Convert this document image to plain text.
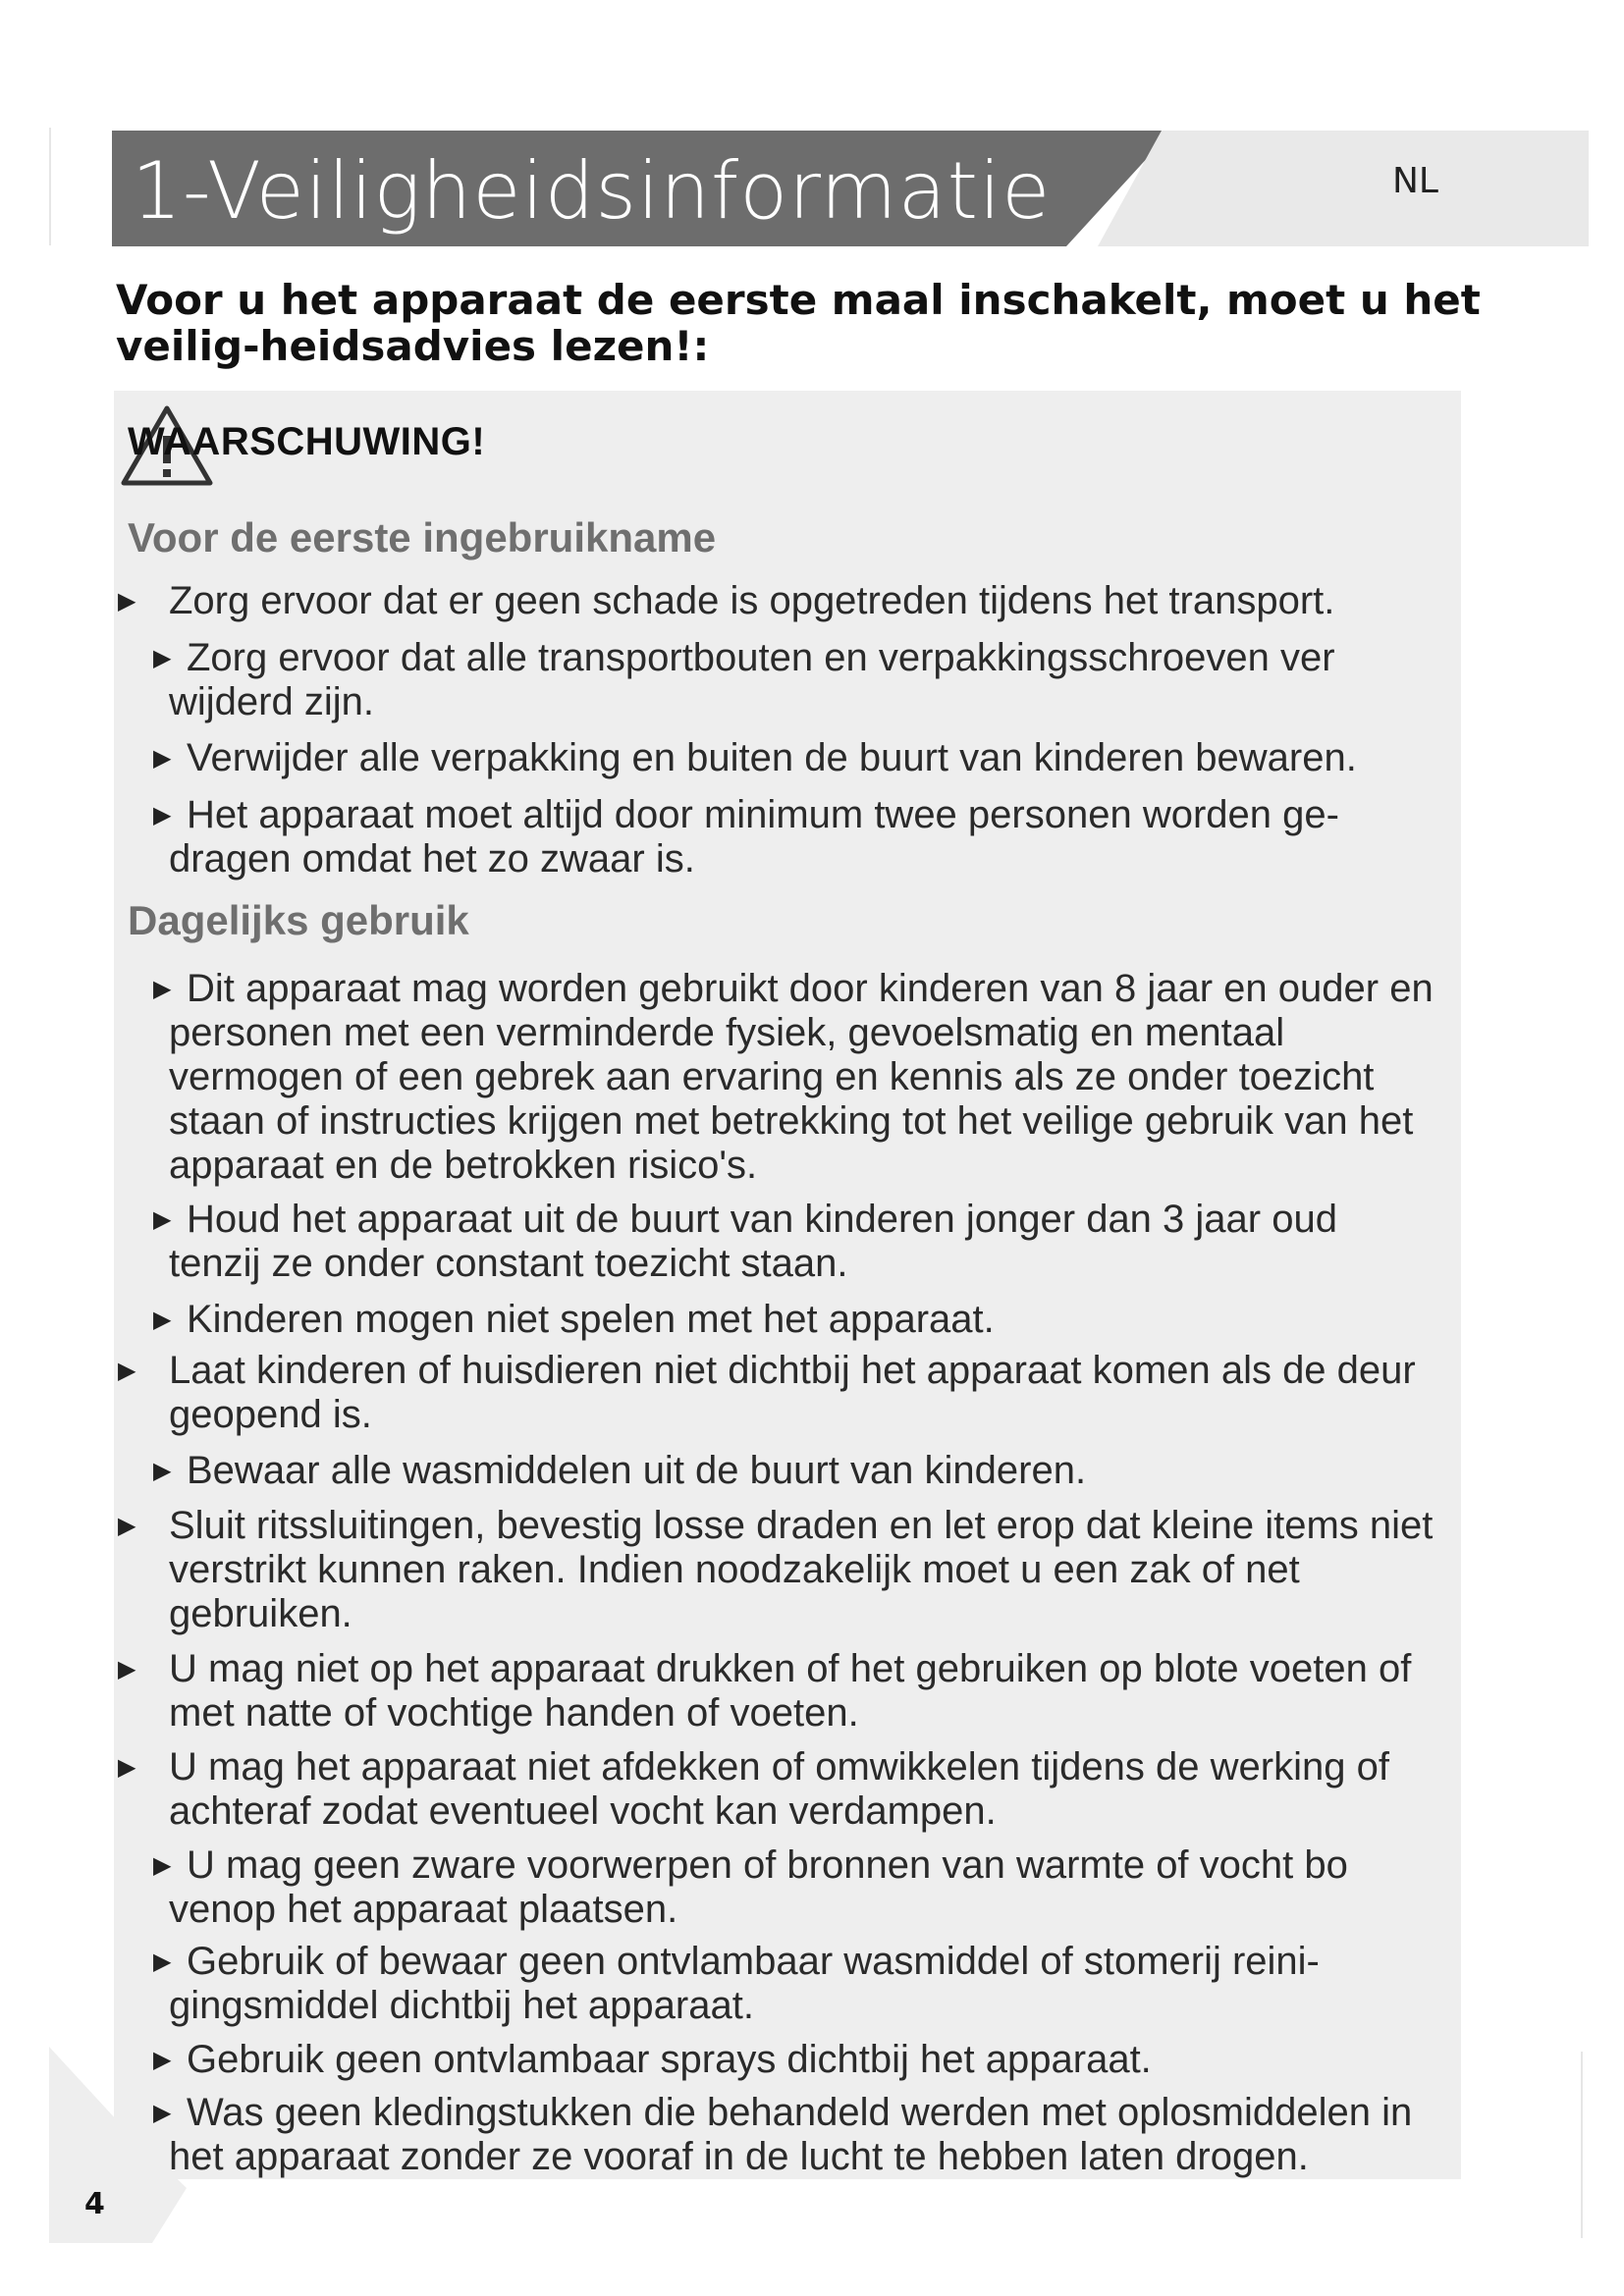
1-Veiligheidsinformatie	NL
Voor u het apparaat de eerste maal inschakelt, moet u het veilig-heidsadvies lezen!:
WAARSCHUWING!
Voor de eerste ingebruikname
▶ Zorg ervoor dat er geen schade is opgetreden tijdens het transport.
▶ Zorg ervoor dat alle transportbouten en verpakkingsschroeven ver wijderd zijn.
▶ Verwijder alle verpakking en buiten de buurt van kinderen bewaren.
▶ Het apparaat moet altijd door minimum twee personen worden ge-dragen omdat het zo zwaar is.
Dagelijks gebruik
▶ Dit apparaat mag worden gebruikt door kinderen van 8 jaar en ouder en personen met een verminderde fysiek, gevoelsmatig en mentaal vermogen of een gebrek aan ervaring en kennis als ze onder toezicht staan of instructies krijgen met betrekking tot het veilige gebruik van het apparaat en de betrokken risico's.
▶ Houd het apparaat uit de buurt van kinderen jonger dan 3 jaar oud tenzij ze onder constant toezicht staan.
▶ Kinderen mogen niet spelen met het apparaat.
▶ Laat kinderen of huisdieren niet dichtbij het apparaat komen als de deur geopend is.
▶ Bewaar alle wasmiddelen uit de buurt van kinderen.
▶ Sluit ritssluitingen, bevestig losse draden en let erop dat kleine items niet verstrikt kunnen raken. Indien noodzakelijk moet u een zak of net gebruiken.
▶ U mag niet op het apparaat drukken of het gebruiken op blote voeten of met natte of vochtige handen of voeten.
▶ U mag het apparaat niet afdekken of omwikkelen tijdens de werking of achteraf zodat eventueel vocht kan verdampen.
▶ U mag geen zware voorwerpen of bronnen van warmte of vocht bo venop het apparaat plaatsen.
▶ Gebruik of bewaar geen ontvlambaar wasmiddel of stomerij reini-gingsmiddel dichtbij het apparaat.
▶ Gebruik geen ontvlambaar sprays dichtbij het apparaat.
▶ Was geen kledingstukken die behandeld werden met oplosmiddelen in het apparaat zonder ze vooraf in de lucht te hebben laten drogen.
4
